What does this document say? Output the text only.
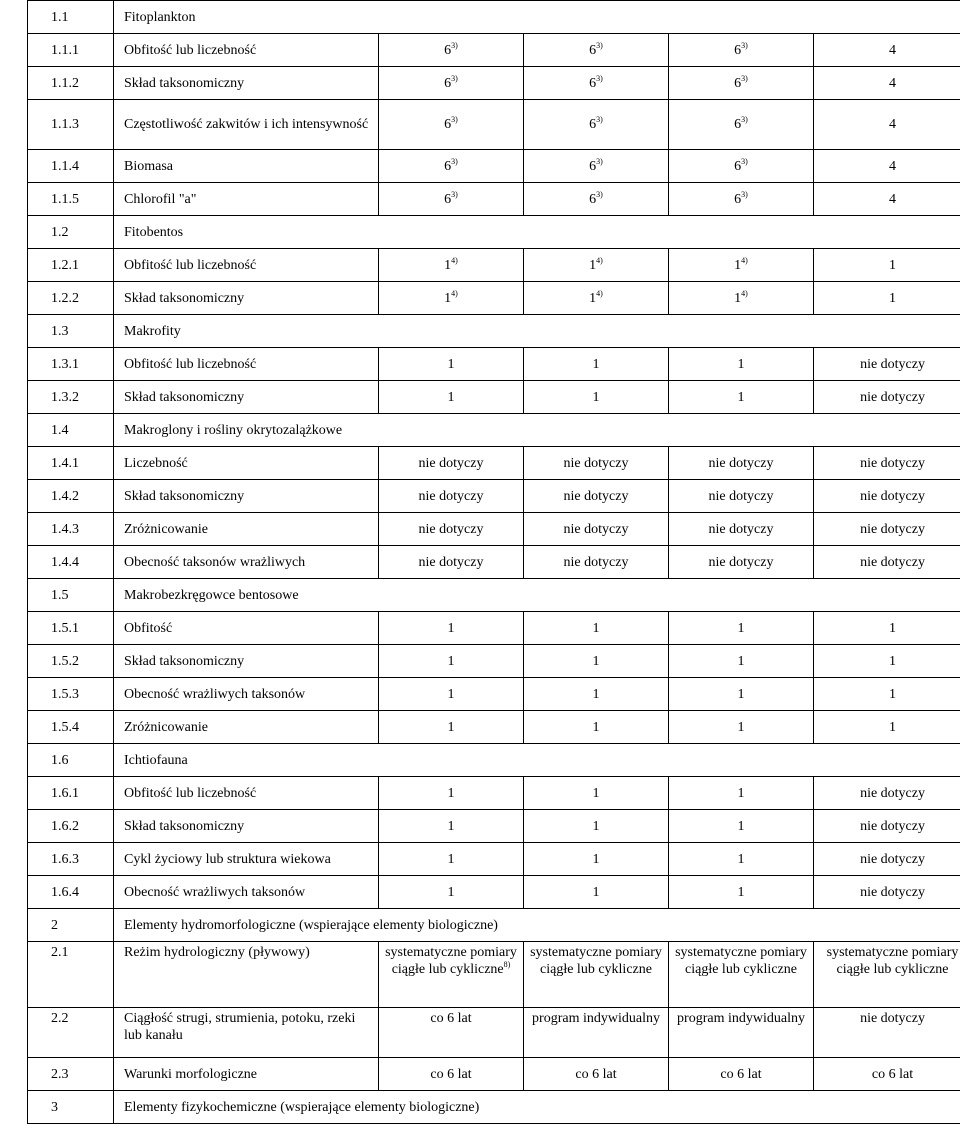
1.1	Fitoplankton				
1.1.1	Obfitość lub liczebność	6$^{3)}$	6$^{3)}$	6$^{3)}$	4
1.1.2	Skład taksonomiczny	6$^{3)}$	6$^{3)}$	6$^{3)}$	4
1.1.3	Częstotliwość zakwitów i ich intensywność	6$^{3)}$	6$^{3)}$	6$^{3)}$	4
1.1.4	Biomasa	6$^{3)}$	6$^{3)}$	6$^{3)}$	4
1.1.5	Chlorofil "a"	6$^{3)}$	6$^{3)}$	6$^{3)}$	4
1.2	Fitobentos				
1.2.1	Obfitość lub liczebność	1$^{4)}$	1$^{4)}$	1$^{4)}$	1
1.2.2	Skład taksonomiczny	1$^{4)}$	1$^{4)}$	1$^{4)}$	1
1.3	Makrofity				
1.3.1	Obfitość lub liczebność	1	1	1	nie dotyczy
1.3.2	Skład taksonomiczny	1	1	1	nie dotyczy
1.4	Makroglony i rośliny okrytozalążkowe				
1.4.1	Liczebność	nie dotyczy	nie dotyczy	nie dotyczy	nie dotyczy
1.4.2	Skład taksonomiczny	nie dotyczy	nie dotyczy	nie dotyczy	nie dotyczy
1.4.3	Zróżnicowanie	nie dotyczy	nie dotyczy	nie dotyczy	nie dotyczy
1.4.4	Obecność taksonów wrażliwych	nie dotyczy	nie dotyczy	nie dotyczy	nie dotyczy
1.5	Makrobezkręgowce bentosowe				
1.5.1	Obfitość	1	1	1	1
1.5.2	Skład taksonomiczny	1	1	1	1
1.5.3	Obecność wrażliwych taksonów	1	1	1	1
1.5.4	Zróżnicowanie	1	1	1	1
1.6	Ichtiofauna				
1.6.1	Obfitość lub liczebność	1	1	1	nie dotyczy
1.6.2	Skład taksonomiczny	1	1	1	nie dotyczy
1.6.3	Cykl życiowy lub struktura wiekowa	1	1	1	nie dotyczy
1.6.4	Obecność wrażliwych taksonów	1	1	1	nie dotyczy
2	Elementy hydromorfologiczne (wspierające elementy biologiczne)				
2.1	Reżim hydrologiczny (pływowy)	systematyczne pomiary ciągłe lub cykliczne$^{8)}$	systematyczne pomiary ciągłe lub cykliczne	systematyczne pomiary ciągłe lub cykliczne	systematyczne pomiary ciągłe lub cykliczne
2.2	Ciągłość strugi, strumienia, potoku, rzeki lub kanału	co 6 lat	program indywidualny	program indywidualny	nie dotyczy
2.3	Warunki morfologiczne	co 6 lat	co 6 lat	co 6 lat	co 6 lat
3	Elementy fizykochemiczne (wspierające elementy biologiczne)				
